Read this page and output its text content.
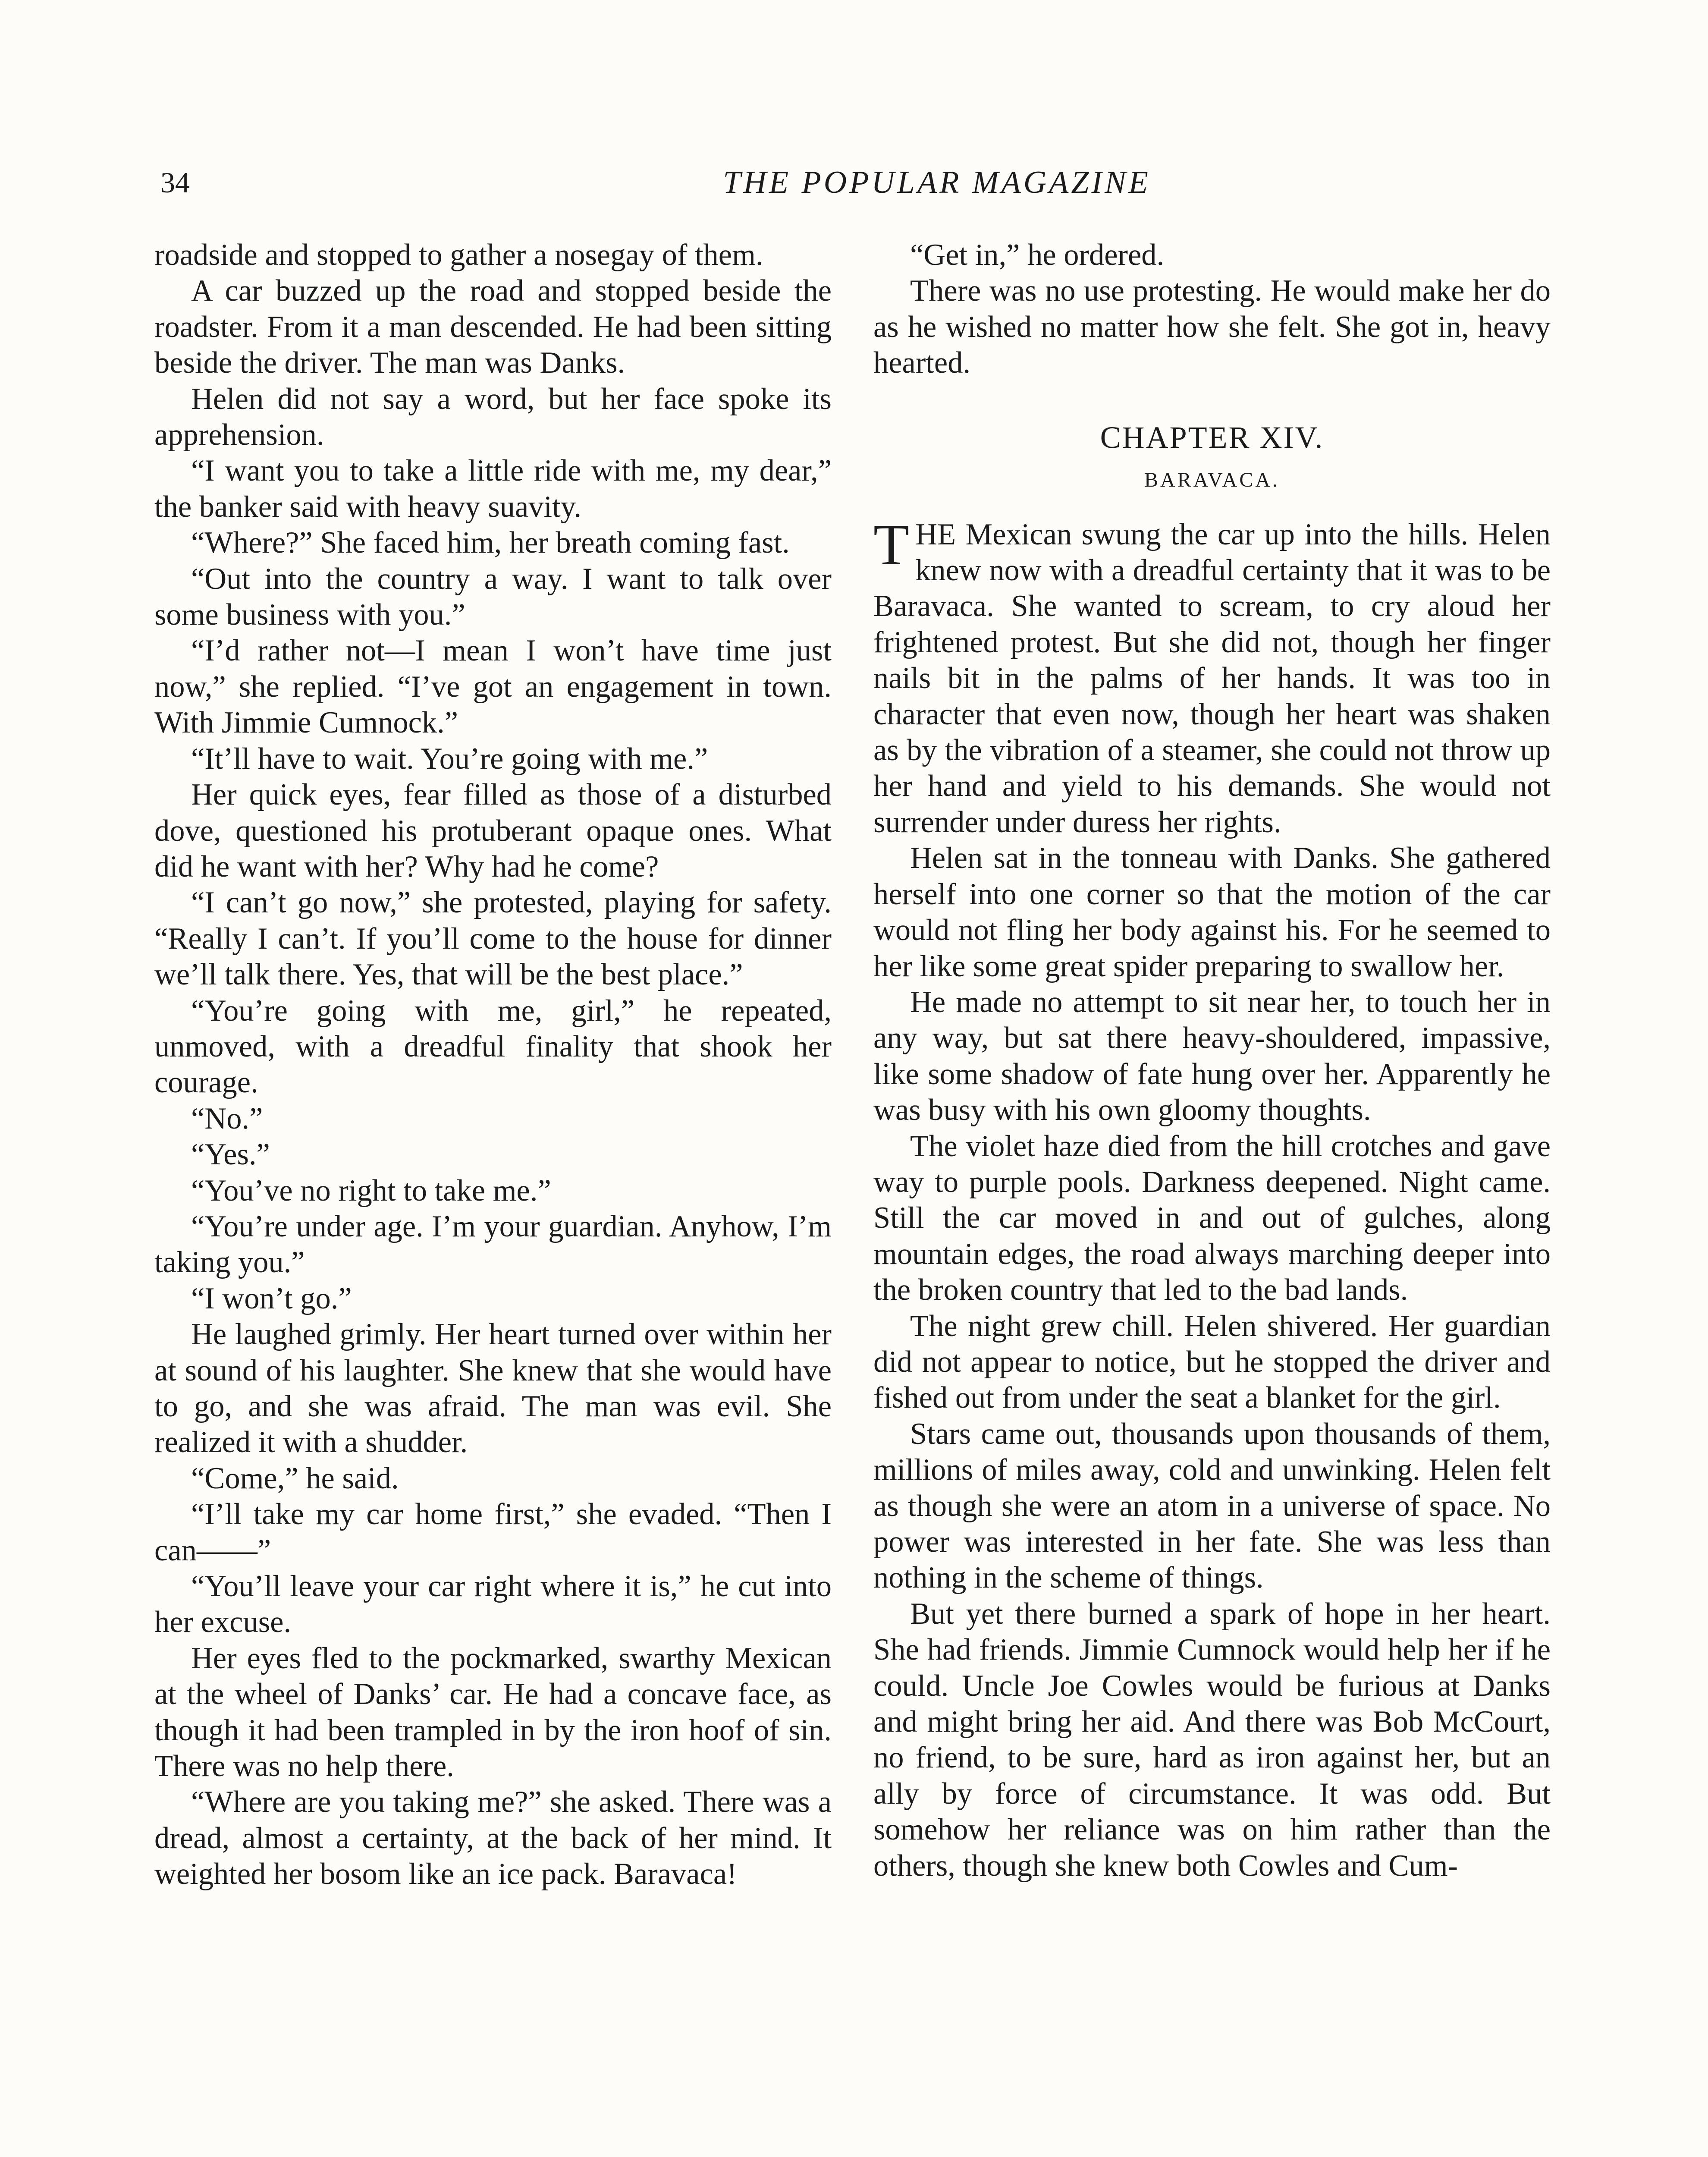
34	THE POPULAR MAGAZINE

roadside and stopped to gather a nosegay of them.

A car buzzed up the road and stopped beside the roadster. From it a man descended. He had been sitting beside the driver. The man was Danks.

Helen did not say a word, but her face spoke its apprehension.

“I want you to take a little ride with me, my dear,” the banker said with heavy suavity.

“Where?” She faced him, her breath coming fast.

“Out into the country a way. I want to talk over some business with you.”

“I’d rather not—I mean I won’t have time just now,” she replied. “I’ve got an engagement in town. With Jimmie Cumnock.”

“It’ll have to wait. You’re going with me.”

Her quick eyes, fear filled as those of a disturbed dove, questioned his protuberant opaque ones. What did he want with her? Why had he come?

“I can’t go now,” she protested, playing for safety. “Really I can’t. If you’ll come to the house for dinner we’ll talk there. Yes, that will be the best place.”

“You’re going with me, girl,” he repeated, unmoved, with a dreadful finality that shook her courage.

“No.”

“Yes.”

“You’ve no right to take me.”

“You’re under age. I’m your guardian. Anyhow, I’m taking you.”

“I won’t go.”

He laughed grimly. Her heart turned over within her at sound of his laughter. She knew that she would have to go, and she was afraid. The man was evil. She realized it with a shudder.

“Come,” he said.

“I’ll take my car home first,” she evaded. “Then I can——”

“You’ll leave your car right where it is,” he cut into her excuse.

Her eyes fled to the pockmarked, swarthy Mexican at the wheel of Danks’ car. He had a concave face, as though it had been trampled in by the iron hoof of sin. There was no help there.

“Where are you taking me?” she asked. There was a dread, almost a certainty, at the back of her mind. It weighted her bosom like an ice pack. Baravaca!

“Get in,” he ordered.

There was no use protesting. He would make her do as he wished no matter how she felt. She got in, heavy hearted.

CHAPTER XIV.
BARAVACA.

THE Mexican swung the car up into the hills. Helen knew now with a dreadful certainty that it was to be Baravaca. She wanted to scream, to cry aloud her frightened protest. But she did not, though her finger nails bit in the palms of her hands. It was too in character that even now, though her heart was shaken as by the vibration of a steamer, she could not throw up her hand and yield to his demands. She would not surrender under duress her rights.

Helen sat in the tonneau with Danks. She gathered herself into one corner so that the motion of the car would not fling her body against his. For he seemed to her like some great spider preparing to swallow her.

He made no attempt to sit near her, to touch her in any way, but sat there heavy-shouldered, impassive, like some shadow of fate hung over her. Apparently he was busy with his own gloomy thoughts.

The violet haze died from the hill crotches and gave way to purple pools. Darkness deepened. Night came. Still the car moved in and out of gulches, along mountain edges, the road always marching deeper into the broken country that led to the bad lands.

The night grew chill. Helen shivered. Her guardian did not appear to notice, but he stopped the driver and fished out from under the seat a blanket for the girl.

Stars came out, thousands upon thousands of them, millions of miles away, cold and unwinking. Helen felt as though she were an atom in a universe of space. No power was interested in her fate. She was less than nothing in the scheme of things.

But yet there burned a spark of hope in her heart. She had friends. Jimmie Cumnock would help her if he could. Uncle Joe Cowles would be furious at Danks and might bring her aid. And there was Bob McCourt, no friend, to be sure, hard as iron against her, but an ally by force of circumstance. It was odd. But somehow her reliance was on him rather than the others, though she knew both Cowles and Cum-
